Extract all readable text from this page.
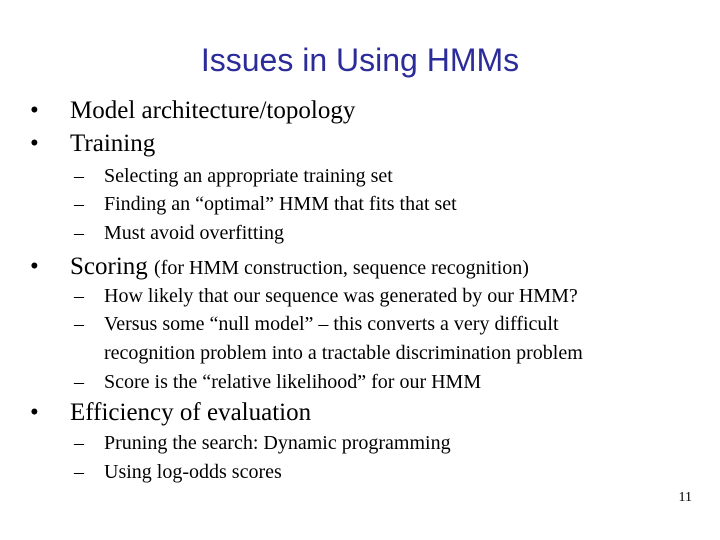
Issues in Using HMMs
• Model architecture/topology
• Training
– Selecting an appropriate training set
– Finding an “optimal” HMM that fits that set
– Must avoid overfitting
• Scoring (for HMM construction, sequence recognition)
– How likely that our sequence was generated by our HMM?
– Versus some “null model” – this converts a very difficult
recognition problem into a tractable discrimination problem
– Score is the “relative likelihood” for our HMM
• Efficiency of evaluation
– Pruning the search: Dynamic programming
– Using log-odds scores
11
